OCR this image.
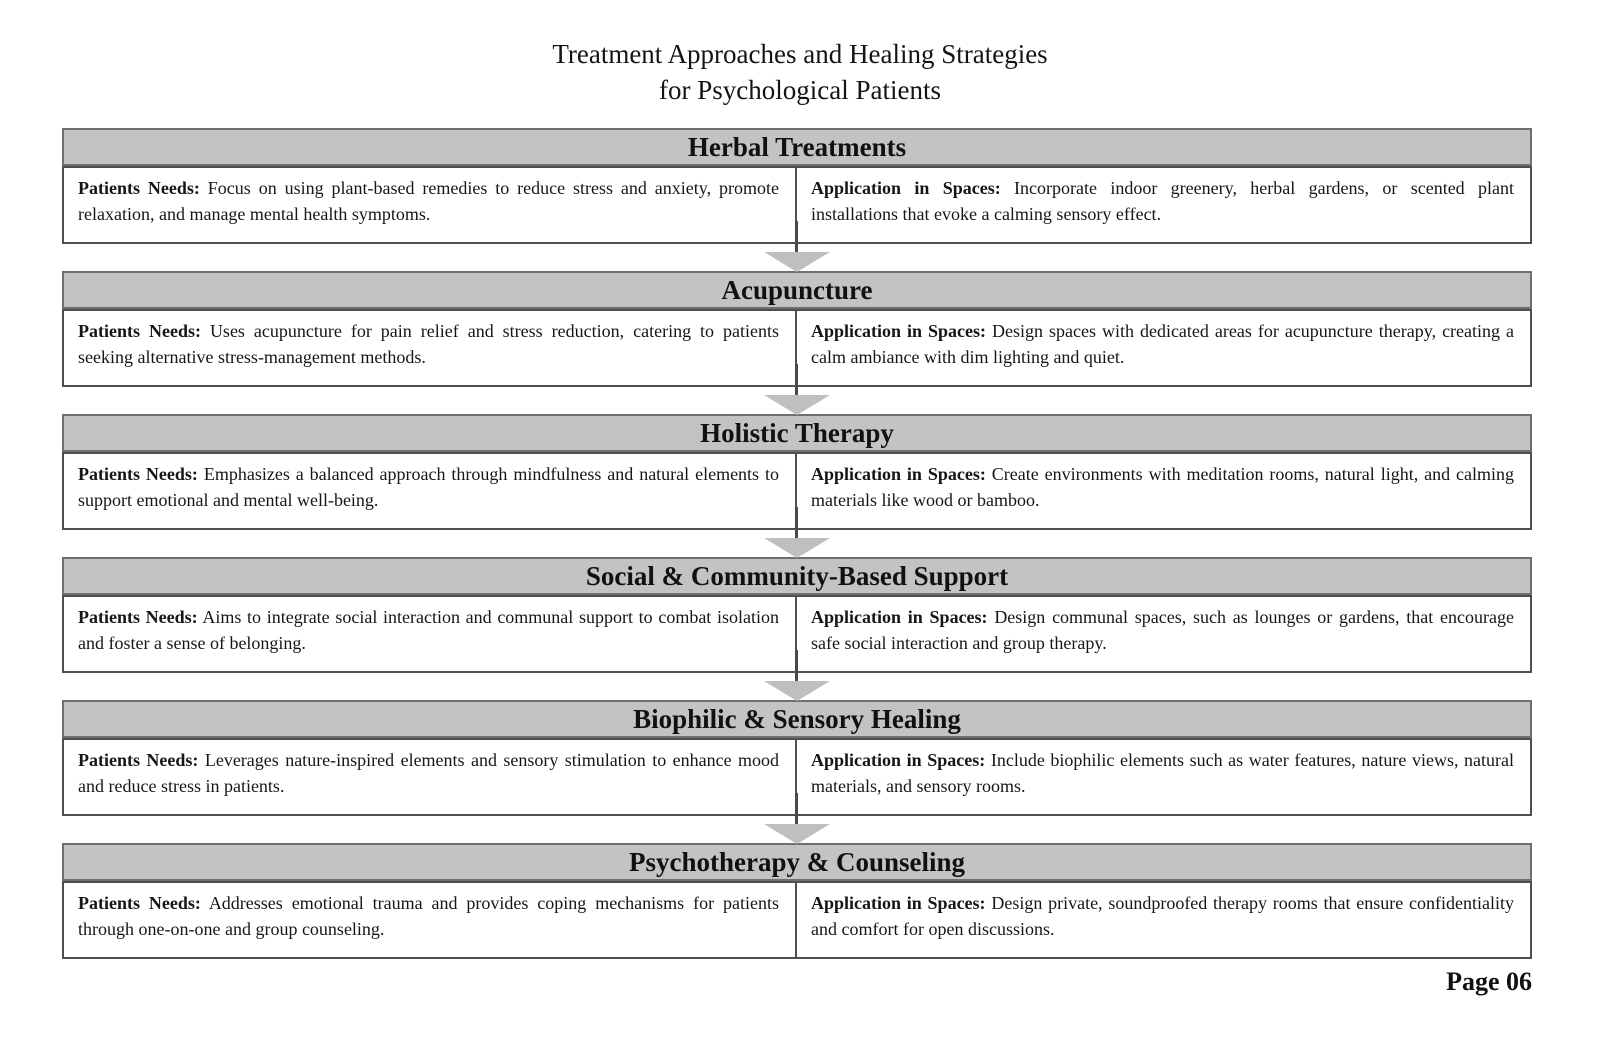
Treatment Approaches and Healing Strategies
for Psychological Patients
Herbal Treatments
Patients Needs: Focus on using plant-based remedies to reduce stress and anxiety, promote relaxation, and manage mental health symptoms.
Application in Spaces: Incorporate indoor greenery, herbal gardens, or scented plant installations that evoke a calming sensory effect.
Acupuncture
Patients Needs: Uses acupuncture for pain relief and stress reduction, catering to patients seeking alternative stress-management methods.
Application in Spaces: Design spaces with dedicated areas for acupuncture therapy, creating a calm ambiance with dim lighting and quiet.
Holistic Therapy
Patients Needs: Emphasizes a balanced approach through mindfulness and natural elements to support emotional and mental well-being.
Application in Spaces: Create environments with meditation rooms, natural light, and calming materials like wood or bamboo.
Social & Community-Based Support
Patients Needs: Aims to integrate social interaction and communal support to combat isolation and foster a sense of belonging.
Application in Spaces: Design communal spaces, such as lounges or gardens, that encourage safe social interaction and group therapy.
Biophilic & Sensory Healing
Patients Needs: Leverages nature-inspired elements and sensory stimulation to enhance mood and reduce stress in patients.
Application in Spaces: Include biophilic elements such as water features, nature views, natural materials, and sensory rooms.
Psychotherapy & Counseling
Patients Needs: Addresses emotional trauma and provides coping mechanisms for patients through one-on-one and group counseling.
Application in Spaces: Design private, soundproofed therapy rooms that ensure confidentiality and comfort for open discussions.
Page 06
